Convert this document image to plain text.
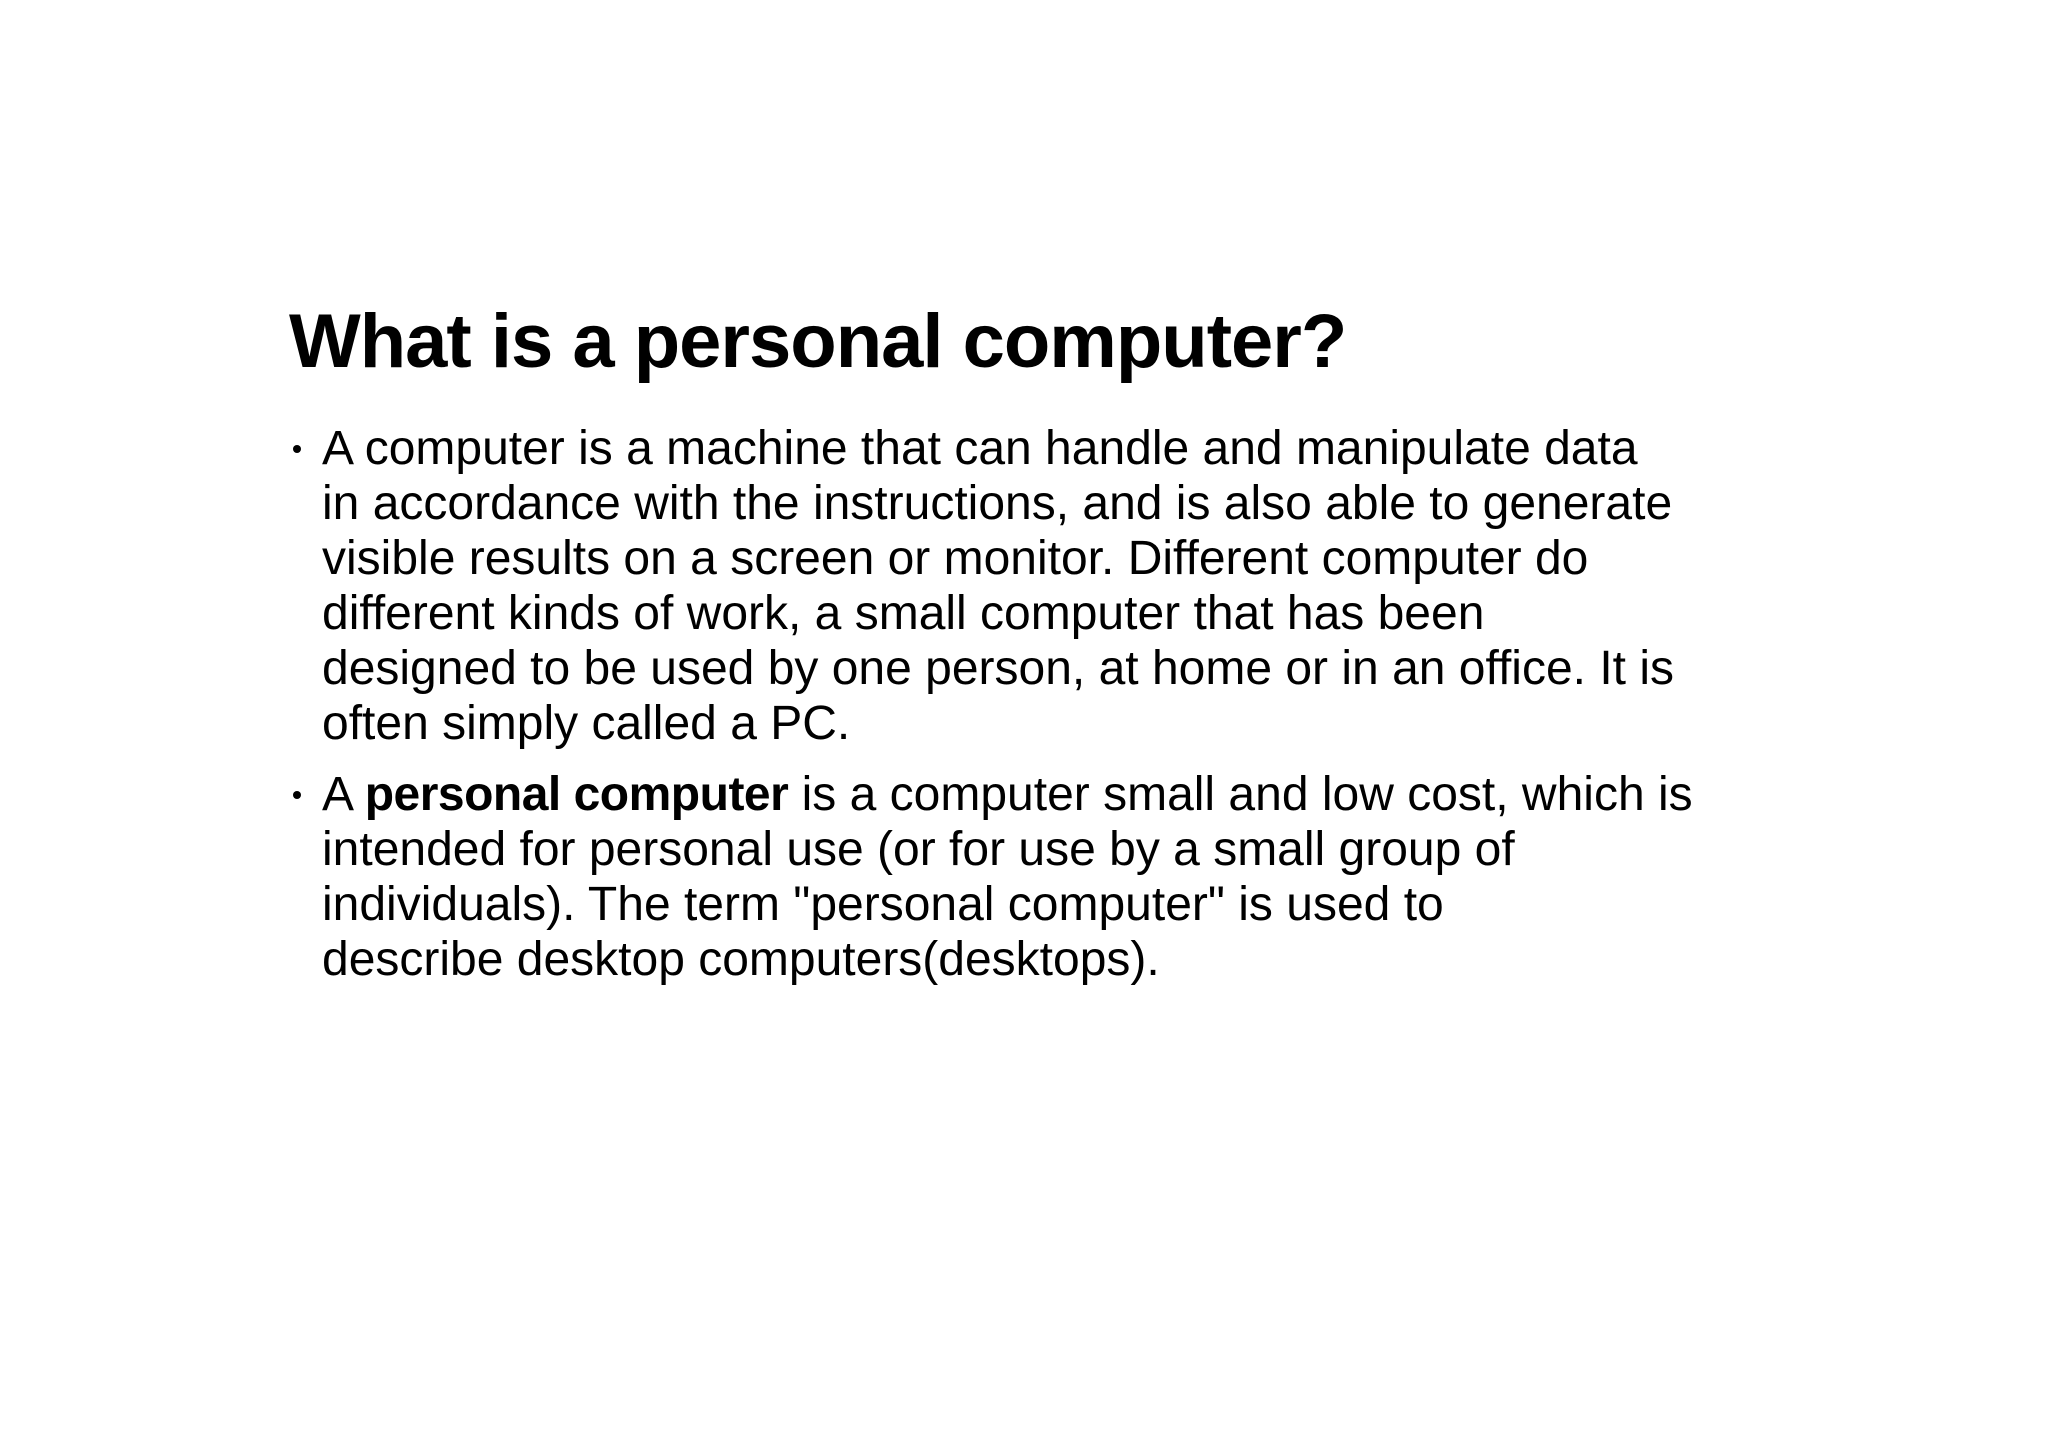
What is a personal computer?
A computer is a machine that can handle and manipulate data
in accordance with the instructions, and is also able to generate
visible results on a screen or monitor. Different computer do
different kinds of work, a small computer that has been
designed to be used by one person, at home or in an office. It is
often simply called a PC.
A personal computer is a computer small and low cost, which is
intended for personal use (or for use by a small group of
individuals). The term "personal computer" is used to
describe desktop computers(desktops).
